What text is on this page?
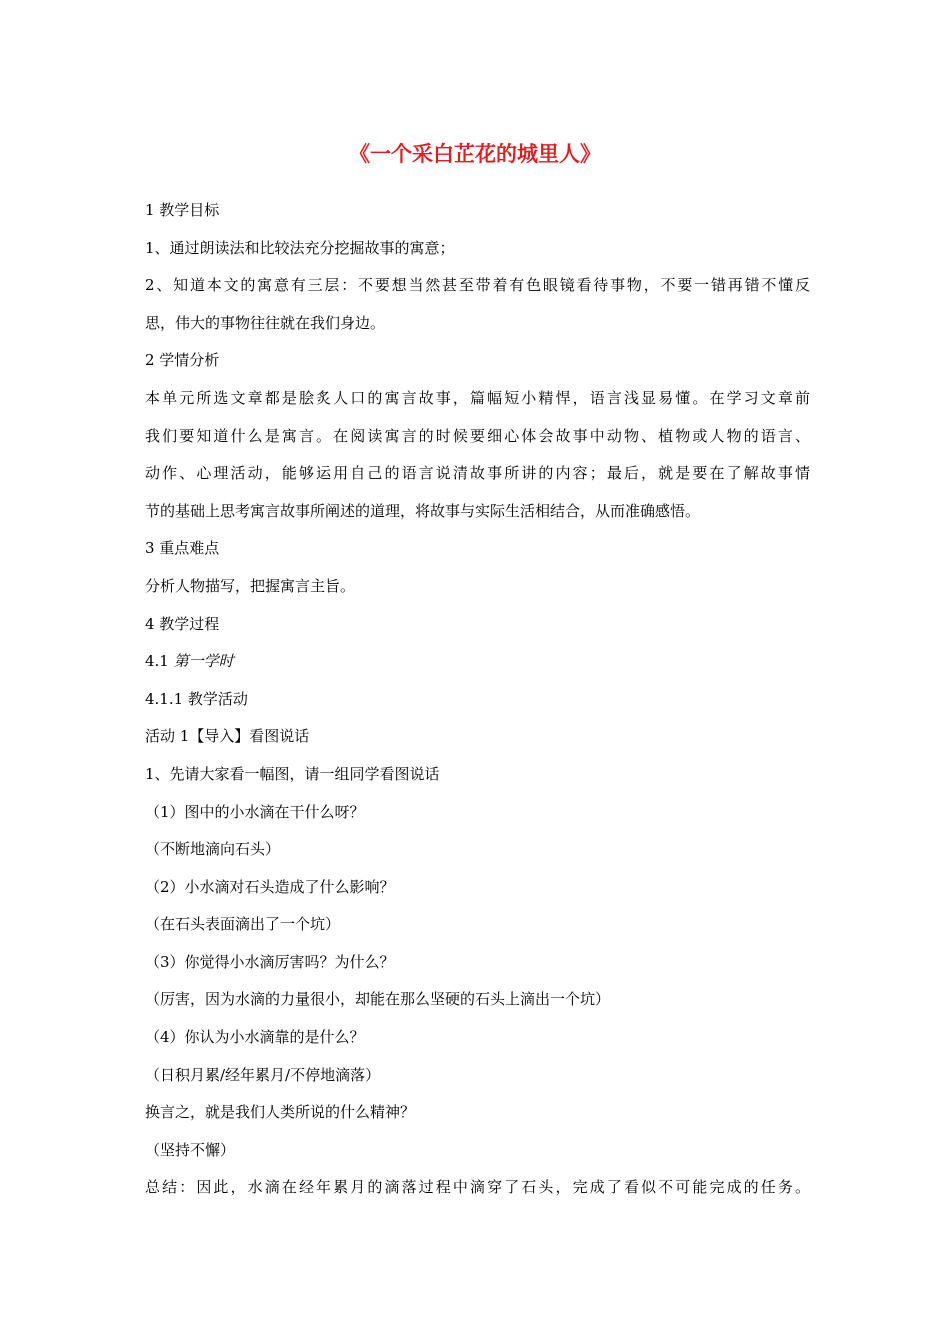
《一个采白芷花的城里人》
1 教学目标
1、通过朗读法和比较法充分挖掘故事的寓意；
2、知道本文的寓意有三层：不要想当然甚至带着有色眼镜看待事物，不要一错再错不懂反
思，伟大的事物往往就在我们身边。
2 学情分析
本单元所选文章都是脍炙人口的寓言故事，篇幅短小精悍，语言浅显易懂。在学习文章前
我们要知道什么是寓言。在阅读寓言的时候要细心体会故事中动物、植物或人物的语言、
动作、心理活动，能够运用自己的语言说清故事所讲的内容；最后，就是要在了解故事情
节的基础上思考寓言故事所阐述的道理，将故事与实际生活相结合，从而准确感悟。
3 重点难点
分析人物描写，把握寓言主旨。
4 教学过程
4.1 第一学时
4.1.1 教学活动
活动 1【导入】看图说话
1、先请大家看一幅图，请一组同学看图说话
（1）图中的小水滴在干什么呀？
（不断地滴向石头）
（2）小水滴对石头造成了什么影响？
（在石头表面滴出了一个坑）
（3）你觉得小水滴厉害吗？为什么？
（厉害，因为水滴的力量很小，却能在那么坚硬的石头上滴出一个坑）
（4）你认为小水滴靠的是什么？
（日积月累/经年累月/不停地滴落）
换言之，就是我们人类所说的什么精神？
（坚持不懈）
总结：因此，水滴在经年累月的滴落过程中滴穿了石头，完成了看似不可能完成的任务。
